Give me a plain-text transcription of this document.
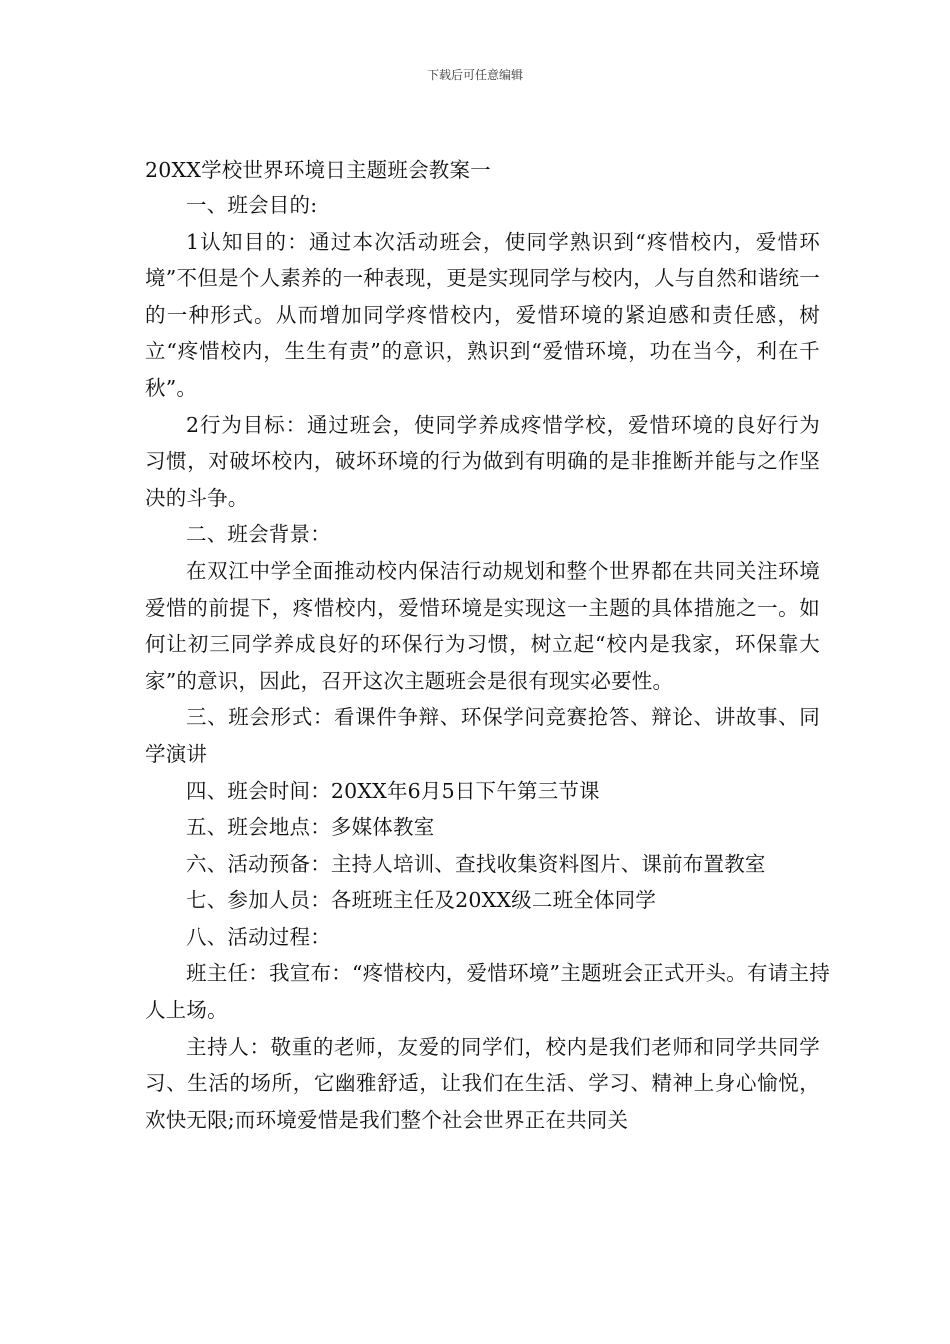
下载后可任意编辑
20XX学校世界环境日主题班会教案一

一、班会目的:

1认知目的：通过本次活动班会，使同学熟识到“疼惜校内，爱惜环境”不但是个人素养的一种表现，更是实现同学与校内，人与自然和谐统一的一种形式。从而增加同学疼惜校内，爱惜环境的紧迫感和责任感，树立“疼惜校内，生生有责”的意识，熟识到“爱惜环境，功在当今，利在千秋”。

2行为目标：通过班会，使同学养成疼惜学校，爱惜环境的良好行为习惯，对破坏校内，破坏环境的行为做到有明确的是非推断并能与之作坚决的斗争。

二、班会背景：

在双江中学全面推动校内保洁行动规划和整个世界都在共同关注环境爱惜的前提下，疼惜校内，爱惜环境是实现这一主题的具体措施之一。如何让初三同学养成良好的环保行为习惯，树立起“校内是我家，环保靠大家”的意识，因此，召开这次主题班会是很有现实必要性。

三、班会形式：看课件争辩、环保学问竞赛抢答、辩论、讲故事、同学演讲

四、班会时间：20XX年6月5日下午第三节课

五、班会地点：多媒体教室

六、活动预备：主持人培训、查找收集资料图片、课前布置教室

七、参加人员：各班班主任及20XX级二班全体同学

八、活动过程：

班主任：我宣布：“疼惜校内，爱惜环境”主题班会正式开头。有请主持人上场。

主持人：敬重的老师，友爱的同学们，校内是我们老师和同学共同学习、生活的场所，它幽雅舒适，让我们在生活、学习、精神上身心愉悦，欢快无限;而环境爱惜是我们整个社会世界正在共同关
